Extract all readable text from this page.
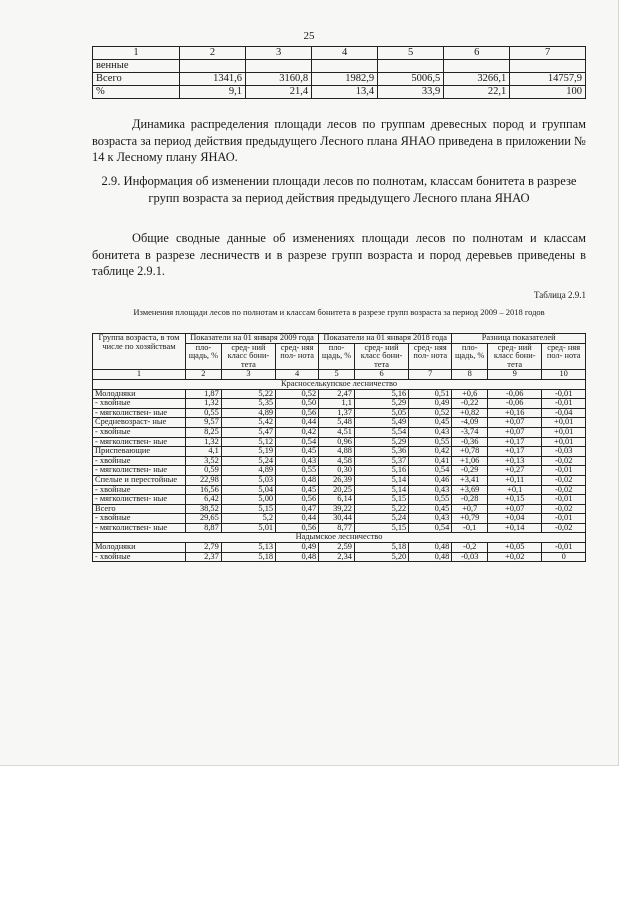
25
1	2	3	4	5	6	7
венные						
Всего	1341,6	3160,8	1982,9	5006,5	3266,1	14757,9
%	9,1	21,4	13,4	33,9	22,1	100
Динамика распределения площади лесов по группам древесных пород и группам возраста за период действия предыдущего Лесного плана ЯНАО приведена в приложении № 14 к Лесному плану ЯНАО.
2.9. Информация об изменении площади лесов по полнотам, классам бонитета в разрезе групп возраста за период действия предыдущего Лесного плана ЯНАО
Общие сводные данные об изменениях площади лесов по полнотам и классам бонитета в разрезе лесничеств и в разрезе групп возраста и пород деревьев приведены в таблице 2.9.1.
Таблица 2.9.1
Изменения площади лесов по полнотам и классам бонитета в разрезе групп возраста за период 2009 – 2018 годов
Группа возраста, в том числе по хозяйствам	Показатели на 01 января 2009 года			Показатели на 01 января 2018 года			Разница показателей		
	пло- щадь, %	сред- ний класс бони- тета	сред- няя пол- нота	пло- щадь, %	сред- ний класс бони- тета	сред- няя пол- нота	пло- щадь, %	сред- ний класс бони- тета	сред- няя пол- нота
1	2	3	4	5	6	7	8	9	10
Красноселькупское лесничество									
Молодняки	1,87	5,22	0,52	2,47	5,16	0,51	+0,6	-0,06	-0,01
- хвойные	1,32	5,35	0,50	1,1	5,29	0,49	-0,22	-0,06	-0,01
- мягколиствен- ные	0,55	4,89	0,56	1,37	5,05	0,52	+0,82	+0,16	-0,04
Средневозраст- ные	9,57	5,42	0,44	5,48	5,49	0,45	-4,09	+0,07	+0,01
- хвойные	8,25	5,47	0,42	4,51	5,54	0,43	-3,74	+0,07	+0,01
- мягколиствен- ные	1,32	5,12	0,54	0,96	5,29	0,55	-0,36	+0,17	+0,01
Приспевающие	4,1	5,19	0,45	4,88	5,36	0,42	+0,78	+0,17	-0,03
- хвойные	3,52	5,24	0,43	4,58	5,37	0,41	+1,06	+0,13	-0,02
- мягколиствен- ные	0,59	4,89	0,55	0,30	5,16	0,54	-0,29	+0,27	-0,01
Спелые и перестойные	22,98	5,03	0,48	26,39	5,14	0,46	+3,41	+0,11	-0,02
- хвойные	16,56	5,04	0,45	20,25	5,14	0,43	+3,69	+0,1	-0,02
- мягколиствен- ные	6,42	5,00	0,56	6,14	5,15	0,55	-0,28	+0,15	-0,01
Всего	38,52	5,15	0,47	39,22	5,22	0,45	+0,7	+0,07	-0,02
- хвойные	29,65	5,2	0,44	30,44	5,24	0,43	+0,79	+0,04	-0,01
- мягколиствен- ные	8,87	5,01	0,56	8,77	5,15	0,54	-0,1	+0,14	-0,02
Надымское лесничество									
Молодняки	2,79	5,13	0,49	2,59	5,18	0,48	-0,2	+0,05	-0,01
- хвойные	2,37	5,18	0,48	2,34	5,20	0,48	-0,03	+0,02	0
